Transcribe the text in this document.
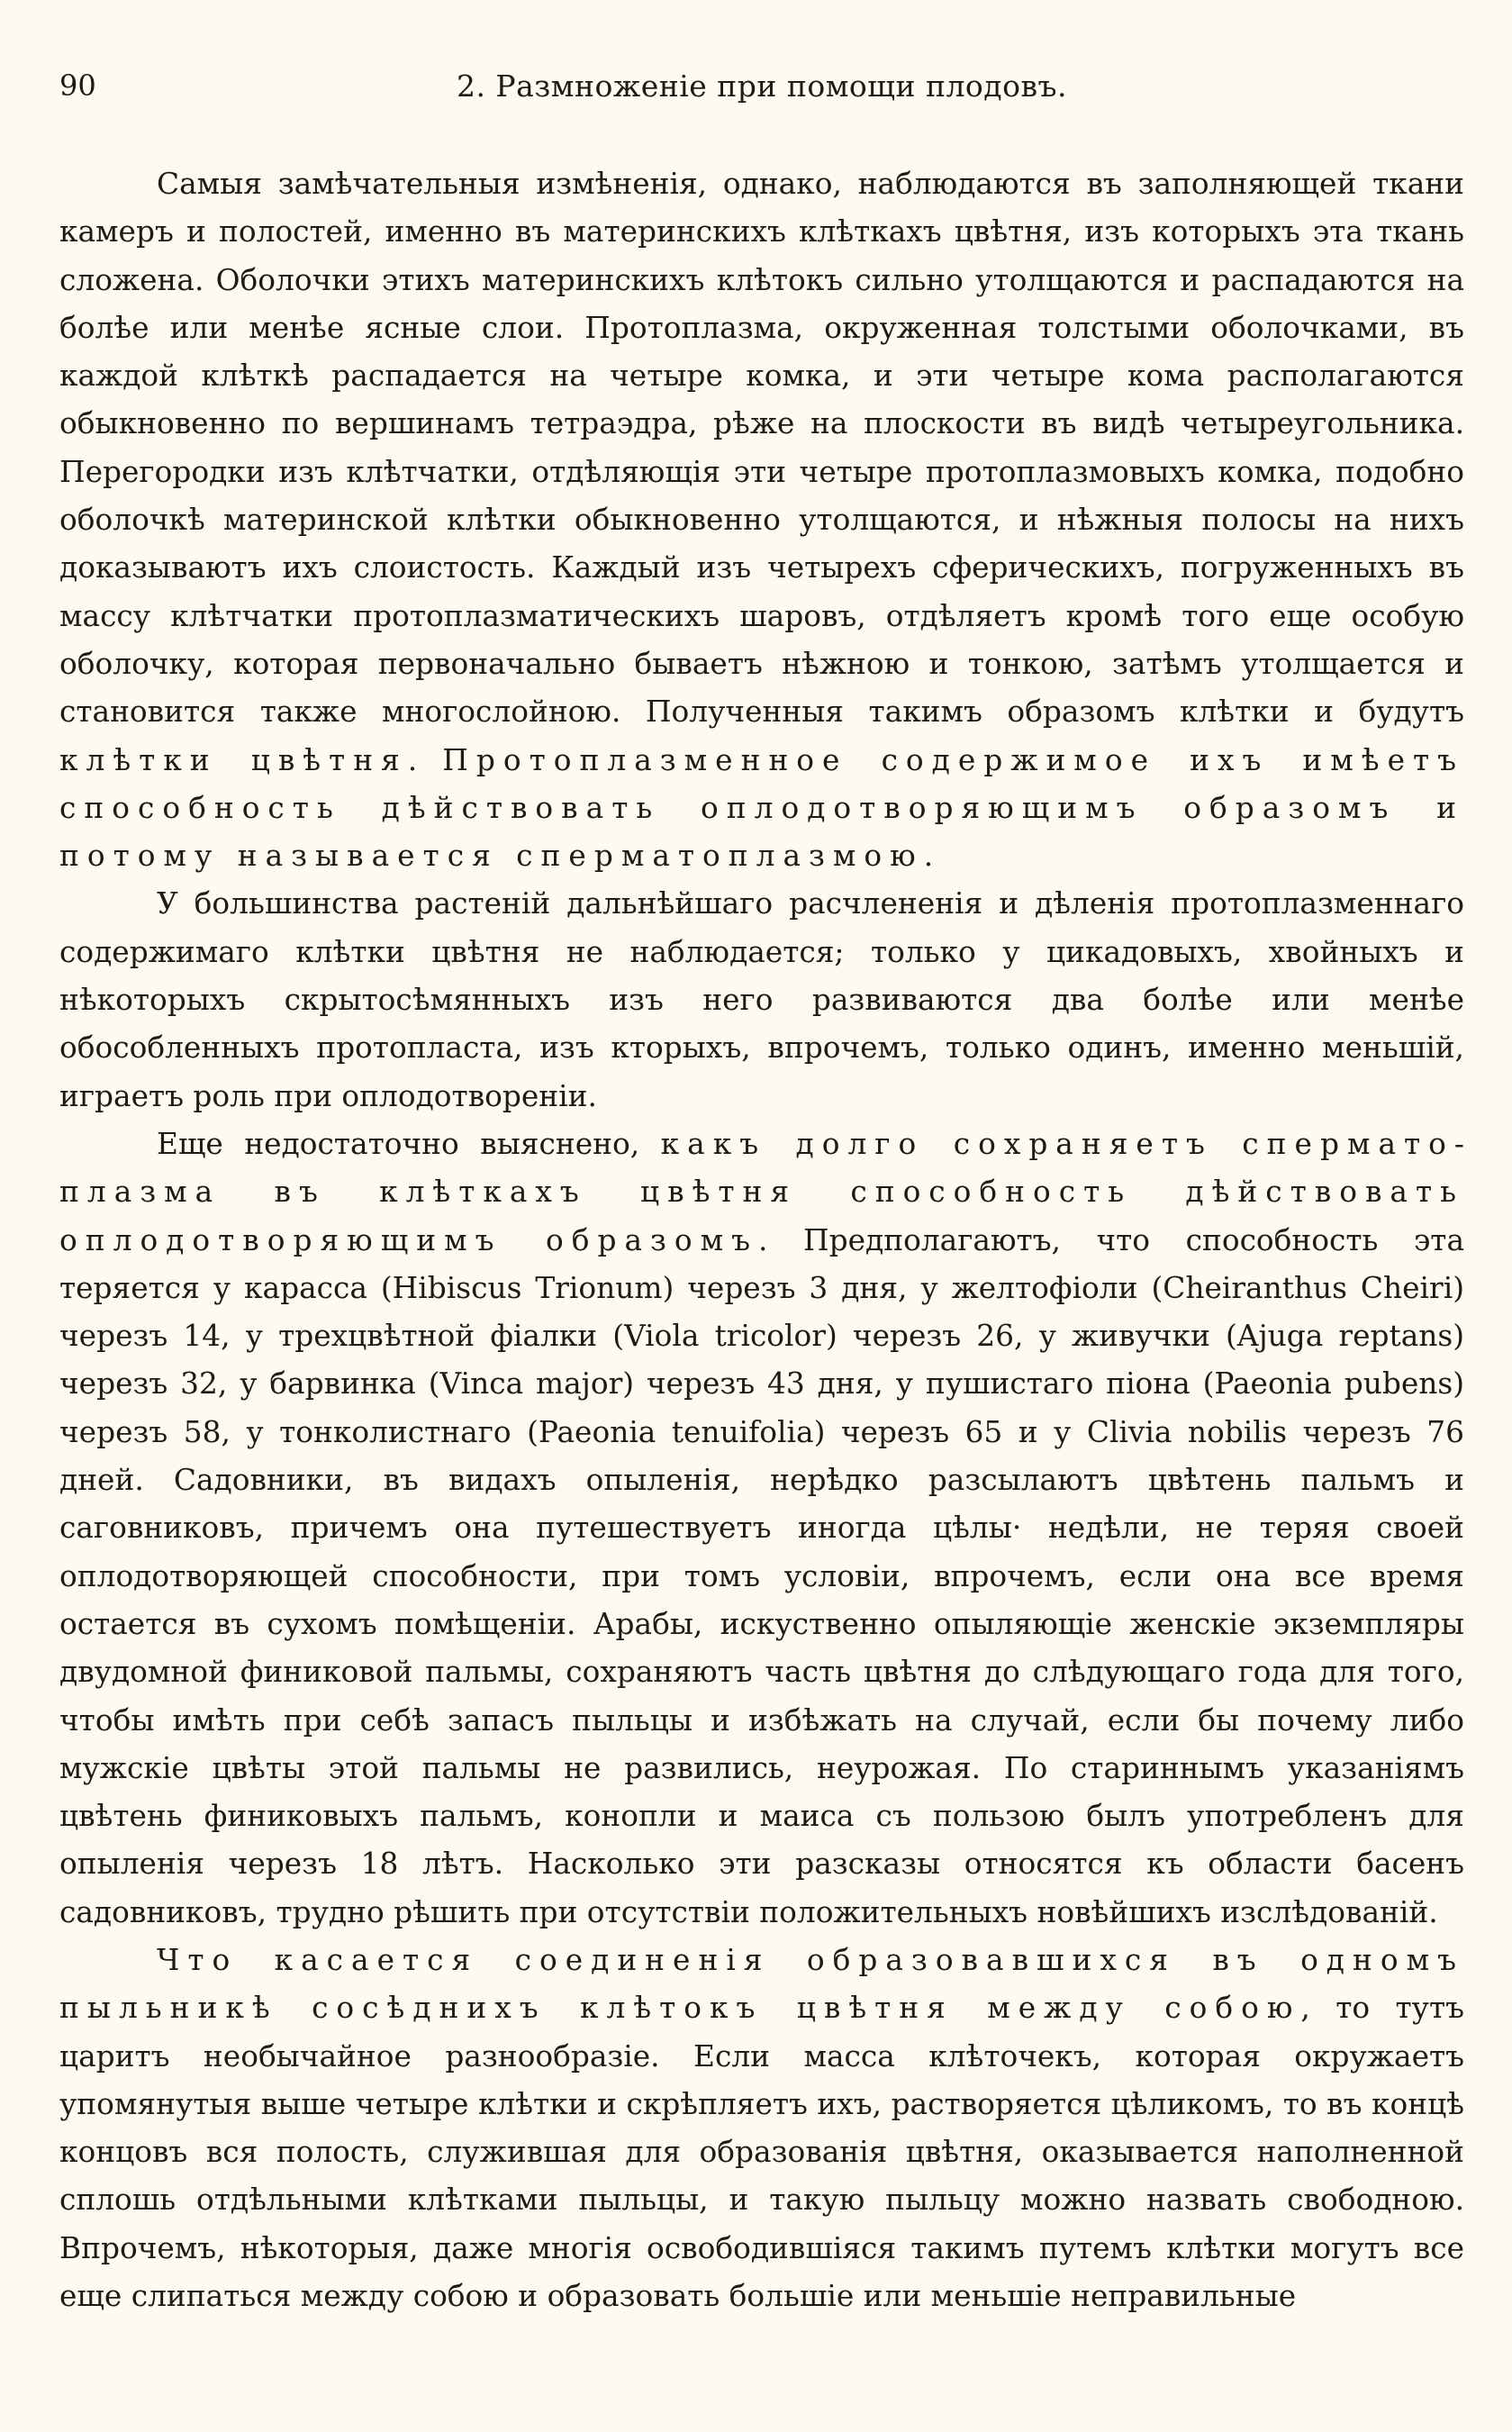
90	2. Размноженіе при помощи плодовъ.

Самыя замѣчательныя измѣненія, однако, наблюдаются въ заполняющей ткани камеръ и полостей, именно въ материнскихъ клѣткахъ цвѣтня, изъ которыхъ эта ткань сложена. Оболочки этихъ материнскихъ клѣтокъ сильно утолщаются и распадаются на болѣе или менѣе ясные слои. Протоплазма, окруженная толстыми оболочками, въ каждой клѣткѣ распадается на четыре комка, и эти четыре кома располагаются обыкновенно по вершинамъ тетраэдра, рѣже на плоскости въ видѣ четыреугольника. Перегородки изъ клѣтчатки, отдѣляющія эти четыре протоплазмовыхъ комка, подобно оболочкѣ материнской клѣтки обыкновенно утолщаются, и нѣжныя полосы на нихъ доказываютъ ихъ слоистость. Каждый изъ четырехъ сферическихъ, погруженныхъ въ массу клѣтчатки протоплазматическихъ шаровъ, отдѣляетъ кромѣ того еще особую оболочку, которая первоначально бываетъ нѣжною и тонкою, затѣмъ утолщается и становится также многослойною. Полученныя такимъ образомъ клѣтки и будутъ клѣтки цвѣтня. Протоплазменное содержимое ихъ имѣетъ способность дѣйствовать оплодотворяющимъ образомъ и потому называется сперматоплазмою.

У большинства растеній дальнѣйшаго расчлененія и дѣленія протоплазменнаго содержимаго клѣтки цвѣтня не наблюдается; только у цикадовыхъ, хвойныхъ и нѣкоторыхъ скрытосѣмянныхъ изъ него развиваются два болѣе или менѣе обособленныхъ протопласта, изъ кторыхъ, впрочемъ, только одинъ, именно меньшій, играетъ роль при оплодотвореніи.

Еще недостаточно выяснено, какъ долго сохраняетъ сперматоплазма въ клѣткахъ цвѣтня способность дѣйствовать оплодотворяющимъ образомъ. Предполагаютъ, что способность эта теряется у карасса (Hibiscus Trionum) черезъ 3 дня, у желтофіоли (Cheiranthus Cheiri) черезъ 14, у трехцвѣтной фіалки (Viola tricolor) черезъ 26, у живучки (Ajuga reptans) черезъ 32, у барвинка (Vinca major) черезъ 43 дня, у пушистаго піона (Paeonia pubens) черезъ 58, у тонколистнаго (Paeonia tenuifolia) черезъ 65 и у Clivia nobilis черезъ 76 дней. Садовники, въ видахъ опыленія, нерѣдко разсылаютъ цвѣтень пальмъ и саговниковъ, причемъ она путешествуетъ иногда цѣлы· недѣли, не теряя своей оплодотворяющей способности, при томъ условіи, впрочемъ, если она все время остается въ сухомъ помѣщеніи. Арабы, искуственно опыляющіе женскіе экземпляры двудомной финиковой пальмы, сохраняютъ часть цвѣтня до слѣдующаго года для того, чтобы имѣть при себѣ запасъ пыльцы и избѣжать на случай, если бы почему либо мужскіе цвѣты этой пальмы не развились, неурожая. По стариннымъ указаніямъ цвѣтень финиковыхъ пальмъ, конопли и маиса съ пользою былъ употребленъ для опыленія черезъ 18 лѣтъ. Насколько эти разсказы относятся къ области басенъ садовниковъ, трудно рѣшить при отсутствіи положительныхъ новѣйшихъ изслѣдованій.

Что касается соединенія образовавшихся въ одномъ пыльникѣ сосѣднихъ клѣтокъ цвѣтня между собою, то тутъ царитъ необычайное разнообразіе. Если масса клѣточекъ, которая окружаетъ упомянутыя выше четыре клѣтки и скрѣпляетъ ихъ, растворяется цѣликомъ, то въ концѣ концовъ вся полость, служившая для образованія цвѣтня, оказывается наполненной сплошь отдѣльными клѣтками пыльцы, и такую пыльцу можно назвать свободною. Впрочемъ, нѣкоторыя, даже многія освободившіяся такимъ путемъ клѣтки могутъ все еще слипаться между собою и образовать большіе или меньшіе неправильные
